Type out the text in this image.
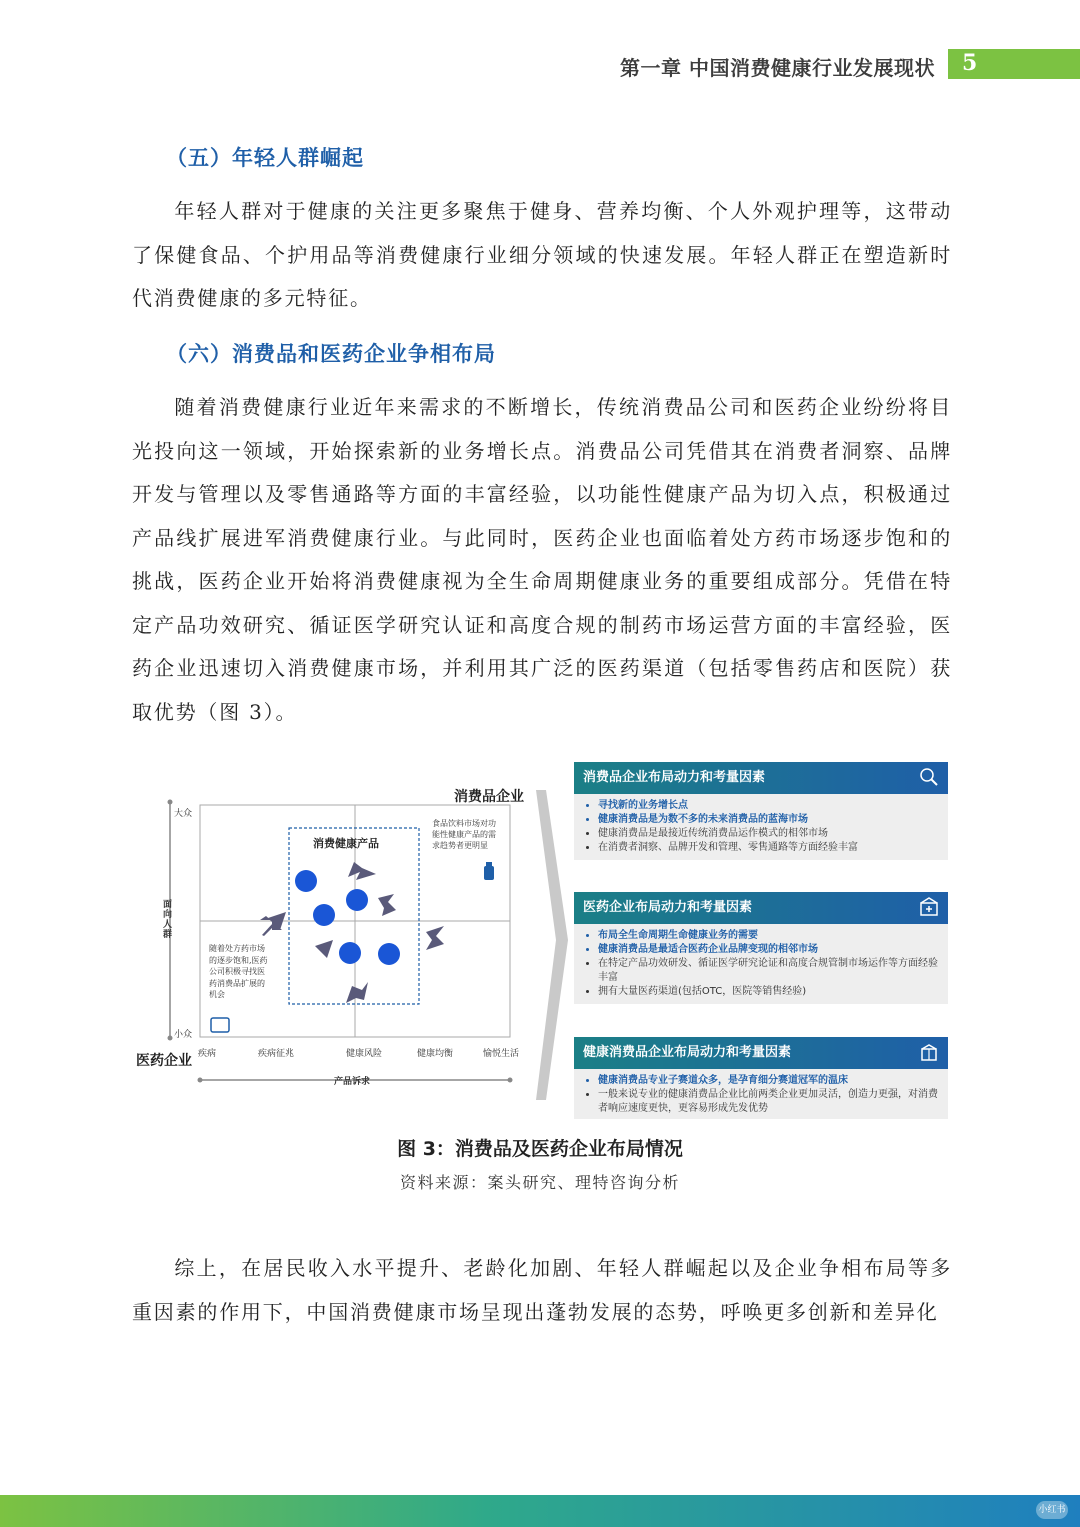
第一章 中国消费健康行业发展现状 5
（五）年轻人群崛起
年轻人群对于健康的关注更多聚焦于健身、营养均衡、个人外观护理等，这带动了保健食品、个护用品等消费健康行业细分领域的快速发展。年轻人群正在塑造新时代消费健康的多元特征。
（六）消费品和医药企业争相布局
随着消费健康行业近年来需求的不断增长，传统消费品公司和医药企业纷纷将目光投向这一领域，开始探索新的业务增长点。消费品公司凭借其在消费者洞察、品牌开发与管理以及零售通路等方面的丰富经验，以功能性健康产品为切入点，积极通过产品线扩展进军消费健康行业。与此同时，医药企业也面临着处方药市场逐步饱和的挑战，医药企业开始将消费健康视为全生命周期健康业务的重要组成部分。凭借在特定产品功效研究、循证医学研究认证和高度合规的制药市场运营方面的丰富经验，医药企业迅速切入消费健康市场，并利用其广泛的医药渠道（包括零售药店和医院）获取优势（图 3）。
消费品企业
医药企业
大众
小众
面向人群
产品诉求
疾病	疾病征兆	健康风险	健康均衡	愉悦生活
消费健康产品
食品饮料市场对功能性健康产品的需求趋势者更明显
随着处方药市场的逐步饱和,医药公司积极寻找医药消费品扩展的机会
消费品企业布局动力和考量因素
• 寻找新的业务增长点
• 健康消费品是为数不多的未来消费品的蓝海市场
• 健康消费品是最接近传统消费品运作模式的相邻市场
• 在消费者洞察、品牌开发和管理、零售通路等方面经验丰富
医药企业布局动力和考量因素
• 布局全生命周期生命健康业务的需要
• 健康消费品是最适合医药企业品牌变现的相邻市场
• 在特定产品功效研发、循证医学研究论证和高度合规管制市场运作等方面经验丰富
• 拥有大量医药渠道(包括OTC，医院等销售经验)
健康消费品企业布局动力和考量因素
• 健康消费品专业子赛道众多，是孕育细分赛道冠军的温床
• 一般来说专业的健康消费品企业比前两类企业更加灵活，创造力更强，对消费者响应速度更快，更容易形成先发优势
图 3：消费品及医药企业布局情况
资料来源：案头研究、理特咨询分析
综上，在居民收入水平提升、老龄化加剧、年轻人群崛起以及企业争相布局等多重因素的作用下，中国消费健康市场呈现出蓬勃发展的态势，呼唤更多创新和差异化
小红书
